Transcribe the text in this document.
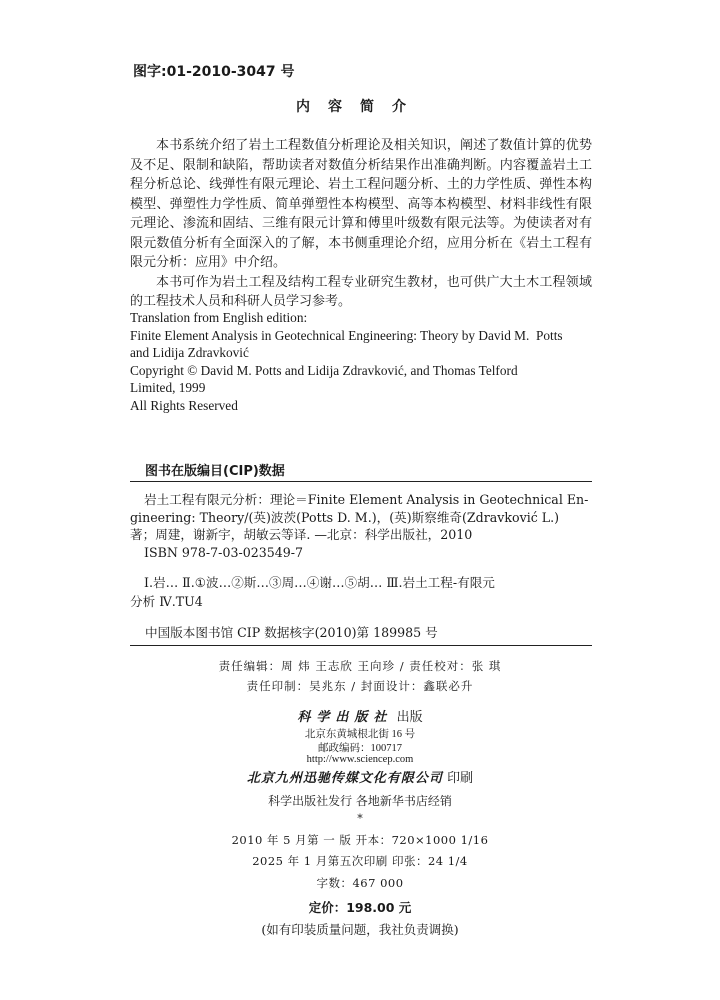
图字:01-2010-3047 号
内容简介

本书系统介绍了岩土工程数值分析理论及相关知识，阐述了数值计算的优势及不足、限制和缺陷，帮助读者对数值分析结果作出准确判断。内容覆盖岩土工程分析总论、线弹性有限元理论、岩土工程问题分析、土的力学性质、弹性本构模型、弹塑性力学性质、简单弹塑性本构模型、高等本构模型、材料非线性有限元理论、渗流和固结、三维有限元计算和傅里叶级数有限元法等。为使读者对有限元数值分析有全面深入的了解，本书侧重理论介绍，应用分析在《岩土工程有限元分析：应用》中介绍。

本书可作为岩土工程及结构工程专业研究生教材，也可供广大土木工程领域的工程技术人员和科研人员学习参考。

Translation from English edition:
Finite Element Analysis in Geotechnical Engineering: Theory by David M.  Potts
and Lidija Zdravković
Copyright © David M. Potts and Lidija Zdravković, and Thomas Telford
Limited, 1999
All Rights Reserved
图书在版编目(CIP)数据
岩土工程有限元分析：理论＝Finite Element Analysis in Geotechnical En-
gineering: Theory/(英)波茨(Potts D. M.)，(英)斯察维奇(Zdravković L.)
著；周建，谢新宇，胡敏云等译. —北京：科学出版社，2010
ISBN 978-7-03-023549-7
Ⅰ.岩… Ⅱ.①波…②斯…③周…④谢…⑤胡… Ⅲ.岩土工程-有限元
分析 Ⅳ.TU4
中国版本图书馆 CIP 数据核字(2010)第 189985 号
责任编辑：周 炜 王志欣 王向珍 / 责任校对：张 琪
责任印制：吴兆东 / 封面设计：鑫联必升
科学出版社 出版
北京东黄城根北街 16 号
邮政编码：100717
http://www.sciencep.com
北京九州迅驰传媒文化有限公司 印刷
科学出版社发行 各地新华书店经销
*
2010 年 5 月第 一 版 开本：720×1000 1/16
2025 年 1 月第五次印刷 印张：24 1/4
字数：467 000
定价：198.00 元
(如有印装质量问题，我社负责调换)
